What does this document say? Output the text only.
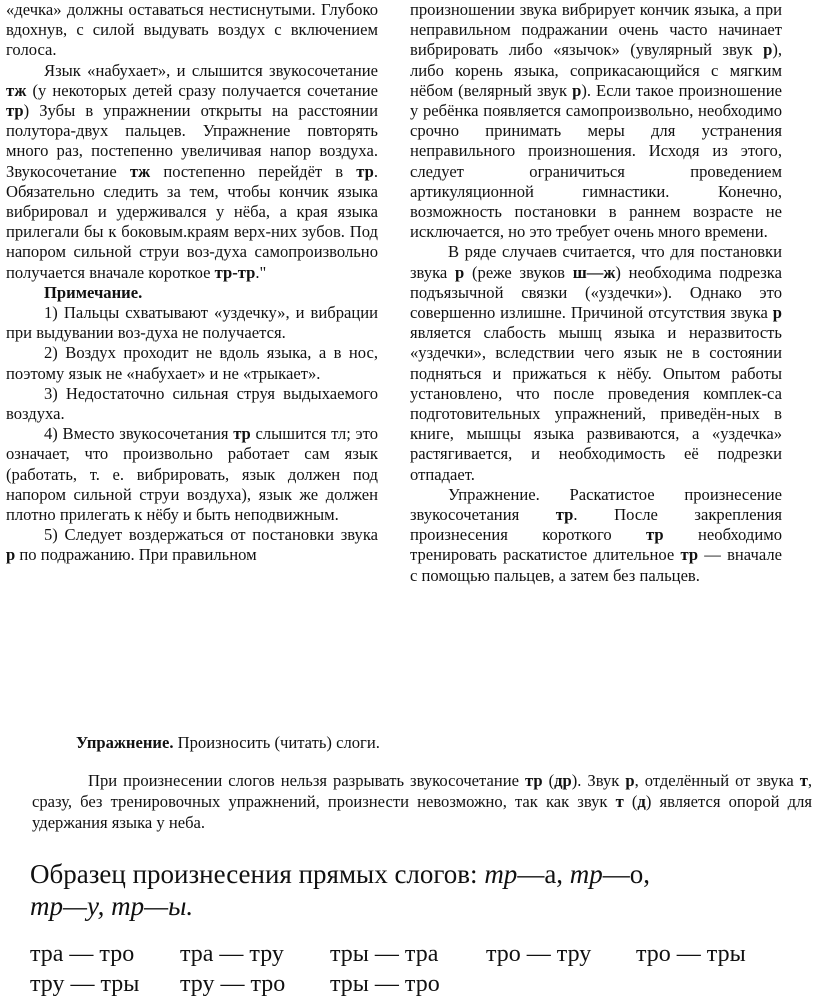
«дечка» должны оставаться нестиснутыми. Глубоко вдохнув, с силой выдувать воздух с включением голоса.

Язык «набухает», и слышится звукосочетание тж (у некоторых детей сразу получается сочетание тр) Зубы в упражнении открыты на расстоянии полутора-двух пальцев. Упражнение повторять много раз, постепенно увеличивая напор воздуха. Звукосочетание тж постепенно перейдёт в тр. Обязательно следить за тем, чтобы кончик языка вибрировал и удерживался у нёба, а края языка прилегали бы к боковым.краям верх-них зубов. Под напором сильной струи воз-духа самопроизвольно получается вначале короткое тр-тр."

Примечание.

1) Пальцы схватывают «уздечку», и вибрации при выдувании воз-духа не получается.

2) Воздух проходит не вдоль языка, а в нос, поэтому язык не «набухает» и не «трыкает».

3) Недостаточно сильная струя выдыхаемого воздуха.

4) Вместо звукосочетания тр слышится тл; это означает, что произвольно работает сам язык (работать, т. е. вибрировать, язык должен под напором сильной струи воздуха), язык же должен плотно прилегать к нёбу и быть неподвижным.

5) Следует воздержаться от постановки звука р по подражанию. При правильном

произношении звука вибрирует кончик языка, а при неправильном подражании очень часто начинает вибрировать либо «язычок» (увулярный звук р), либо корень языка, соприкасающийся с мягким нёбом (велярный звук р). Если такое произношение у ребёнка появляется самопроизвольно, необходимо срочно принимать меры для устранения неправильного произношения. Исходя из этого, следует ограничиться проведением артикуляционной гимнастики. Конечно, возможность постановки в раннем возрасте не исключается, но это требует очень много времени.

В ряде случаев считается, что для постановки звука р (реже звуков ш—ж) необходима подрезка подъязычной связки («уздечки»). Однако это совершенно излишне. Причиной отсутствия звука р является слабость мышц языка и неразвитость «уздечки», вследствии чего язык не в состоянии подняться и прижаться к нёбу. Опытом работы установлено, что после проведения комплек-са подготовительных упражнений, приведён-ных в книге, мышцы языка развиваются, а «уздечка» растягивается, и необходимость её подрезки отпадает.

Упражнение. Раскатистое произнесение звукосочетания тр. После закрепления произнесения короткого тр необходимо тренировать раскатистое длительное тр — вначале с помощью пальцев, а затем без пальцев.

Упражнение. Произносить (читать) слоги.
При произнесении слогов нельзя разрывать звукосочетание тр (др). Звук р, отделённый от звука т, сразу, без тренировочных упражнений, произнести невозможно, так как звук т (д) является опорой для удержания языка у неба.
Образец произнесения прямых слогов: тр—а, тр—о,
тр—у, тр—ы.
тра — тро тра — тру тры — тра тро — тру тро — тры
тру — тры тру — тро тры — тро
